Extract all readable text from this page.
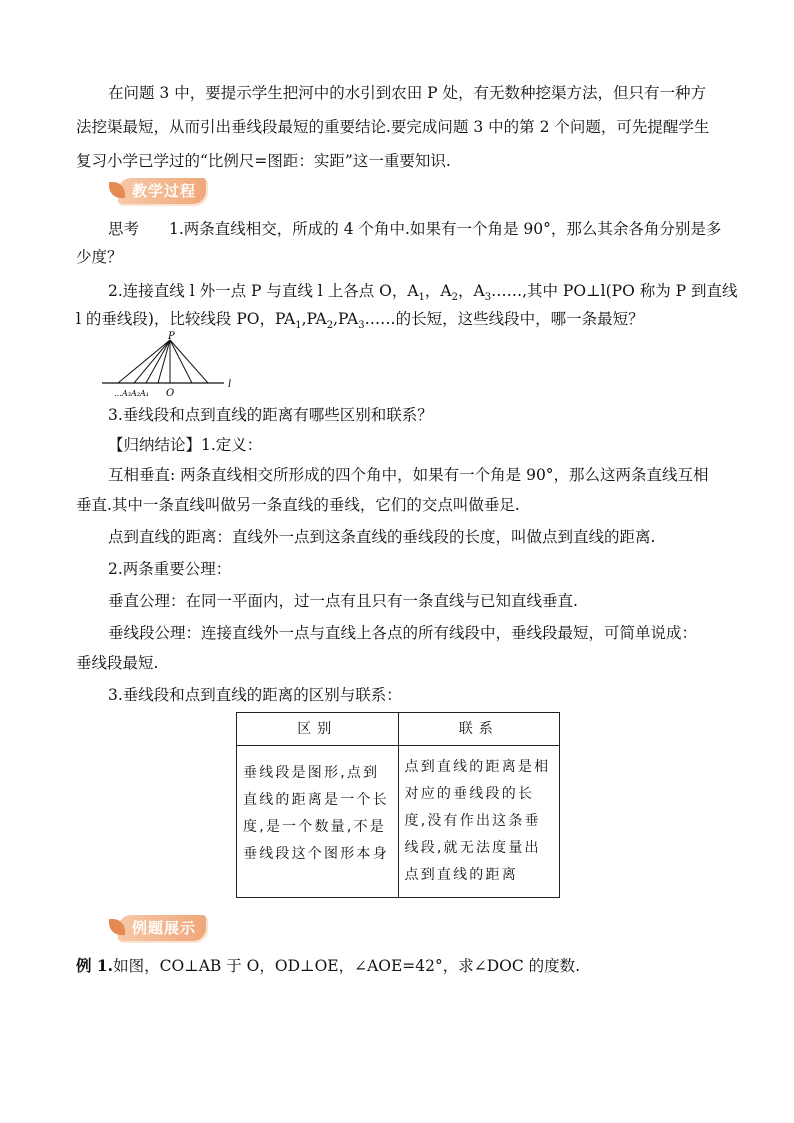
在问题 3 中，要提示学生把河中的水引到农田 P 处，有无数种挖渠方法，但只有一种方
法挖渠最短，从而引出垂线段最短的重要结论.要完成问题 3 中的第 2 个问题，可先提醒学生
复习小学已学过的“比例尺=图距：实距”这一重要知识.
教学过程
思考 1.两条直线相交，所成的 4 个角中.如果有一个角是 90°，那么其余各角分别是多
少度？
2.连接直线 l 外一点 P 与直线 l 上各点 O，$A_1$，$A_2$，$A_3\dots\dots$,其中 PO⊥l(PO 称为 P 到直线
l 的垂线段)，比较线段 PO，$PA_1,PA_2,PA_3\dots\dots$的长短，这些线段中，哪一条最短？
P
O
l
…A₃A₂A₁
3.垂线段和点到直线的距离有哪些区别和联系？
【归纳结论】1.定义：
互相垂直: 两条直线相交所形成的四个角中，如果有一个角是 90°，那么这两条直线互相
垂直.其中一条直线叫做另一条直线的垂线，它们的交点叫做垂足.
点到直线的距离：直线外一点到这条直线的垂线段的长度，叫做点到直线的距离.
2.两条重要公理：
垂直公理：在同一平面内，过一点有且只有一条直线与已知直线垂直.
垂线段公理：连接直线外一点与直线上各点的所有线段中，垂线段最短，可简单说成：
垂线段最短.
3.垂线段和点到直线的距离的区别与联系：
区别	联系
垂线段是图形,点到直线的距离是一个长度,是一个数量,不是垂线段这个图形本身	点到直线的距离是相对应的垂线段的长度,没有作出这条垂线段,就无法度量出点到直线的距离
例题展示
例 1.如图，CO⊥AB 于 O，OD⊥OE，∠AOE=42°，求∠DOC 的度数.
